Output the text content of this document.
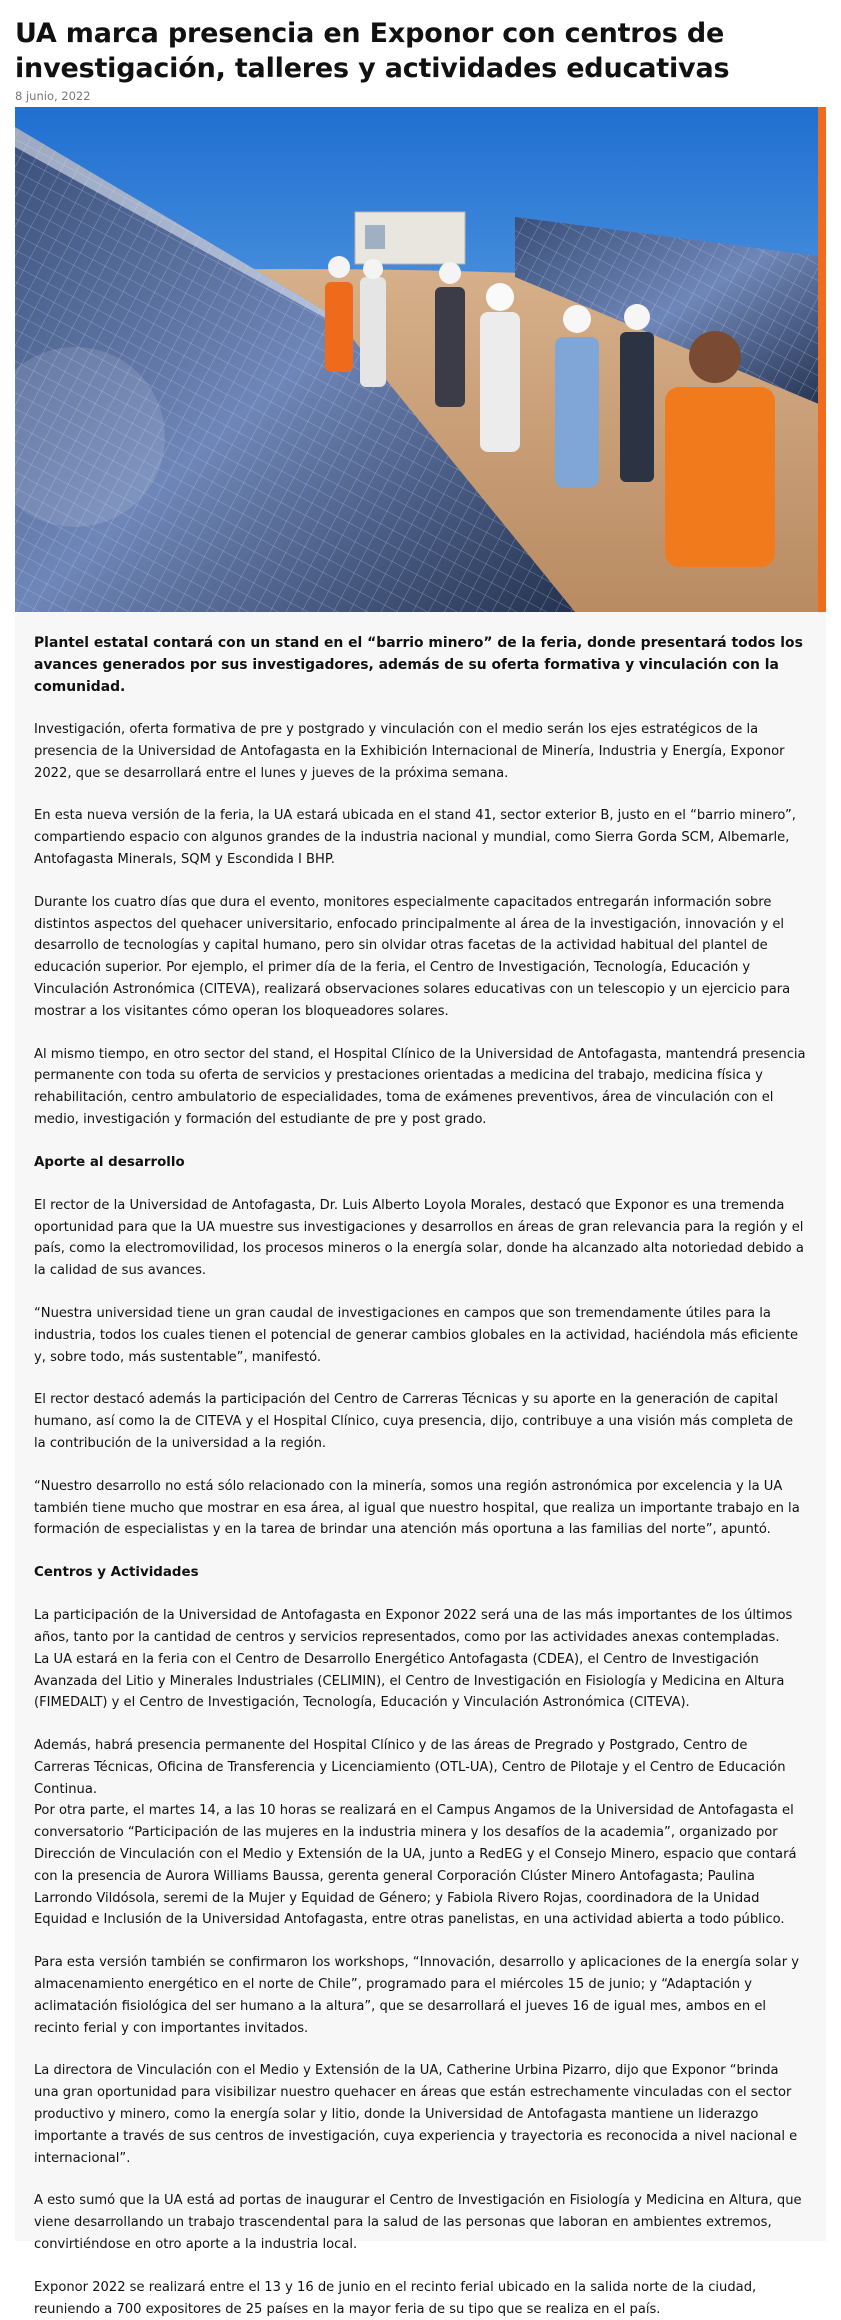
UA marca presencia en Exponor con centros de investigación, talleres y actividades educativas
8 junio, 2022

Plantel estatal contará con un stand en el “barrio minero” de la feria, donde presentará todos los avances generados por sus investigadores, además de su oferta formativa y vinculación con la comunidad.

Investigación, oferta formativa de pre y postgrado y vinculación con el medio serán los ejes estratégicos de la presencia de la Universidad de Antofagasta en la Exhibición Internacional de Minería, Industria y Energía, Exponor 2022, que se desarrollará entre el lunes y jueves de la próxima semana.

En esta nueva versión de la feria, la UA estará ubicada en el stand 41, sector exterior B, justo en el “barrio minero”, compartiendo espacio con algunos grandes de la industria nacional y mundial, como Sierra Gorda SCM, Albemarle, Antofagasta Minerals, SQM y Escondida I BHP.

Durante los cuatro días que dura el evento, monitores especialmente capacitados entregarán información sobre distintos aspectos del quehacer universitario, enfocado principalmente al área de la investigación, innovación y el desarrollo de tecnologías y capital humano, pero sin olvidar otras facetas de la actividad habitual del plantel de educación superior. Por ejemplo, el primer día de la feria, el Centro de Investigación, Tecnología, Educación y Vinculación Astronómica (CITEVA), realizará observaciones solares educativas con un telescopio y un ejercicio para
mostrar a los visitantes cómo operan los bloqueadores solares.

Al mismo tiempo, en otro sector del stand, el Hospital Clínico de la Universidad de Antofagasta, mantendrá presencia permanente con toda su oferta de servicios y prestaciones orientadas a medicina del trabajo, medicina física y rehabilitación, centro ambulatorio de especialidades, toma de exámenes preventivos, área de vinculación con el medio, investigación y formación del estudiante de pre y post grado.

Aporte al desarrollo

El rector de la Universidad de Antofagasta, Dr. Luis Alberto Loyola Morales, destacó que Exponor es una tremenda oportunidad para que la UA muestre sus investigaciones y desarrollos en áreas de gran relevancia para la región y el país, como la electromovilidad, los procesos mineros o la energía solar, donde ha alcanzado alta notoriedad debido a la calidad de sus avances.

“Nuestra universidad tiene un gran caudal de investigaciones en campos que son tremendamente útiles para la industria, todos los cuales tienen el potencial de generar cambios globales en la actividad, haciéndola más eficiente y, sobre todo, más sustentable”, manifestó.

El rector destacó además la participación del Centro de Carreras Técnicas y su aporte en la generación de capital humano, así como la de CITEVA y el Hospital Clínico, cuya presencia, dijo, contribuye a una visión más completa de la contribución de la universidad a la región.

“Nuestro desarrollo no está sólo relacionado con la minería, somos una región astronómica por excelencia y la UA también tiene mucho que mostrar en esa área, al igual que nuestro hospital, que realiza un importante trabajo en la formación de especialistas y en la tarea de brindar una atención más oportuna a las familias del norte”, apuntó.

Centros y Actividades

La participación de la Universidad de Antofagasta en Exponor 2022 será una de las más importantes de los últimos años, tanto por la cantidad de centros y servicios representados, como por las actividades anexas contempladas.
La UA estará en la feria con el Centro de Desarrollo Energético Antofagasta (CDEA), el Centro de Investigación Avanzada del Litio y Minerales Industriales (CELIMIN), el Centro de Investigación en Fisiología y Medicina en Altura (FIMEDALT) y el Centro de Investigación, Tecnología, Educación y Vinculación Astronómica (CITEVA).

Además, habrá presencia permanente del Hospital Clínico y de las áreas de Pregrado y Postgrado, Centro de Carreras Técnicas, Oficina de Transferencia y Licenciamiento (OTL-UA), Centro de Pilotaje y el Centro de Educación Continua.
Por otra parte, el martes 14, a las 10 horas se realizará en el Campus Angamos de la Universidad de Antofagasta el conversatorio “Participación de las mujeres en la industria minera y los desafíos de la academia”, organizado por Dirección de Vinculación con el Medio y Extensión de la UA, junto a RedEG y el Consejo Minero, espacio que contará con la presencia de Aurora Williams Baussa, gerenta general Corporación Clúster Minero Antofagasta; Paulina Larrondo Vildósola, seremi de la Mujer y Equidad de Género; y Fabiola Rivero Rojas, coordinadora de la Unidad Equidad e Inclusión de la Universidad Antofagasta, entre otras panelistas, en una actividad abierta a todo público.

Para esta versión también se confirmaron los workshops, “Innovación, desarrollo y aplicaciones de la energía solar y almacenamiento energético en el norte de Chile”, programado para el miércoles 15 de junio; y “Adaptación y aclimatación fisiológica del ser humano a la altura”, que se desarrollará el jueves 16 de igual mes, ambos en el recinto ferial y con importantes invitados.

La directora de Vinculación con el Medio y Extensión de la UA, Catherine Urbina Pizarro, dijo que Exponor “brinda una gran oportunidad para visibilizar nuestro quehacer en áreas que están estrechamente vinculadas con el sector productivo y minero, como la energía solar y litio, donde la Universidad de Antofagasta mantiene un liderazgo importante a través de sus centros de investigación, cuya experiencia y trayectoria es reconocida a nivel nacional e internacional”.

A esto sumó que la UA está ad portas de inaugurar el Centro de Investigación en Fisiología y Medicina en Altura, que viene desarrollando un trabajo trascendental para la salud de las personas que laboran en ambientes extremos, convirtiéndose en otro aporte a la industria local.

Exponor 2022 se realizará entre el 13 y 16 de junio en el recinto ferial ubicado en la salida norte de la ciudad, reuniendo a 700 expositores de 25 países en la mayor feria de su tipo que se realiza en el país.
